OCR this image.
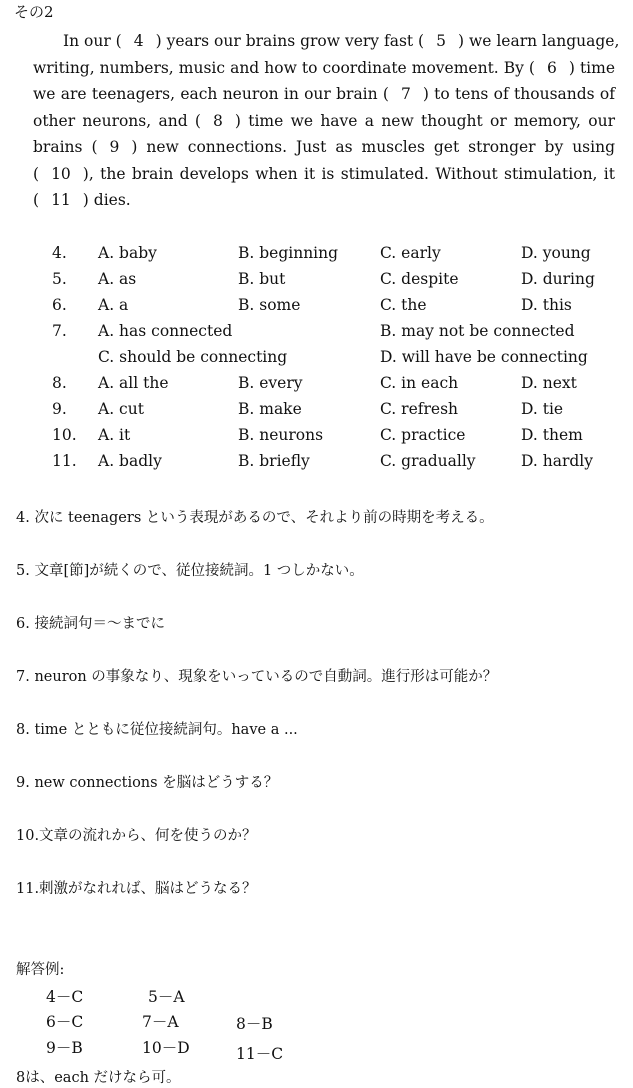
その2
In our ( 4 ) years our brains grow very fast ( 5 ) we learn language,
writing, numbers, music and how to coordinate movement. By ( 6 ) time
we are teenagers, each neuron in our brain ( 7 ) to tens of thousands of
other neurons, and ( 8 ) time we have a new thought or memory, our
brains ( 9 ) new connections. Just as muscles get stronger by using
( 10 ), the brain develops when it is stimulated. Without stimulation, it
( 11 ) dies.
4. A. baby	B. beginning	C. early	D. young
5. A. as	B. but	C. despite	D. during
6. A. a	B. some	C. the	D. this
7. A. has connected	B. may not be connected
C. should be connecting	D. will have be connecting
8. A. all the	B. every	C. in each	D. next
9. A. cut	B. make	C. refresh	D. tie
10. A. it	B. neurons	C. practice	D. them
11. A. badly	B. briefly	C. gradually	D. hardly
4. 次に teenagers という表現があるので、それより前の時期を考える。
5. 文章[節]が続くので、従位接続詞。1 つしかない。
6. 接続詞句＝～までに
7. neuron の事象なり、現象をいっているので自動詞。進行形は可能か？
8. time とともに従位接続詞句。have a ...
9. new connections を脳はどうする？
10.文章の流れから、何を使うのか？
11.刺激がなれれば、脳はどうなる？
解答例:
4－C	5－A
6－C	7－A	8－B
9－B	10－D	11－C
8は、each だけなら可。
